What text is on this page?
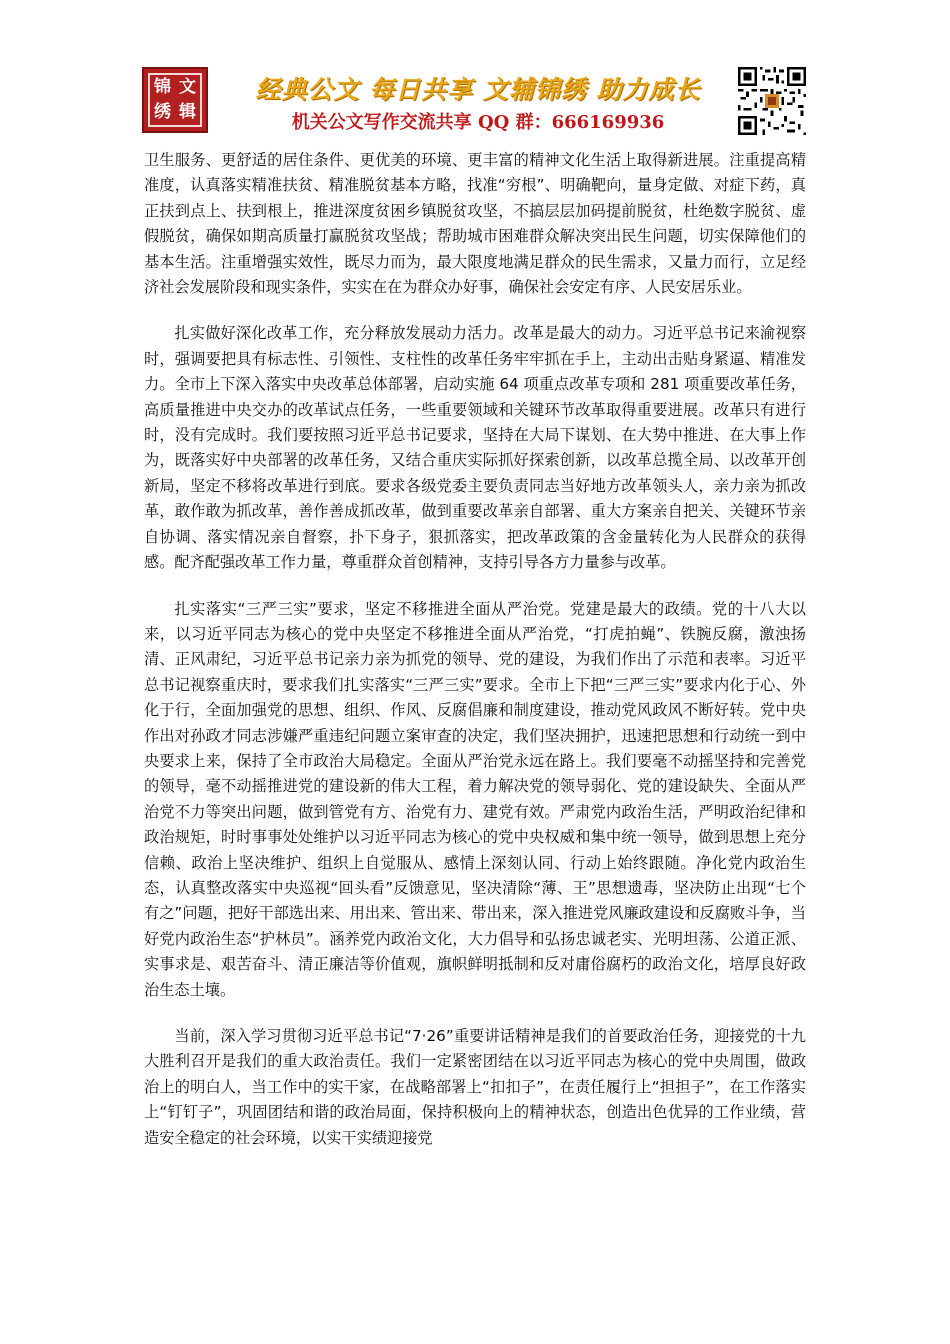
锦 文
绣 辑
经典公文 每日共享 文辅锦绣 助力成长
机关公文写作交流共享 QQ 群：666169936

卫生服务、更舒适的居住条件、更优美的环境、更丰富的精神文化生活上取得新进展。注重提高精准度，认真落实精准扶贫、精准脱贫基本方略，找准“穷根”、明确靶向，量身定做、对症下药，真正扶到点上、扶到根上，推进深度贫困乡镇脱贫攻坚，不搞层层加码提前脱贫，杜绝数字脱贫、虚假脱贫，确保如期高质量打赢脱贫攻坚战；帮助城市困难群众解决突出民生问题，切实保障他们的基本生活。注重增强实效性，既尽力而为，最大限度地满足群众的民生需求，又量力而行，立足经济社会发展阶段和现实条件，实实在在为群众办好事，确保社会安定有序、人民安居乐业。

扎实做好深化改革工作，充分释放发展动力活力。改革是最大的动力。习近平总书记来渝视察时，强调要把具有标志性、引领性、支柱性的改革任务牢牢抓在手上，主动出击贴身紧逼、精准发力。全市上下深入落实中央改革总体部署，启动实施 64 项重点改革专项和 281 项重要改革任务，高质量推进中央交办的改革试点任务，一些重要领域和关键环节改革取得重要进展。改革只有进行时，没有完成时。我们要按照习近平总书记要求，坚持在大局下谋划、在大势中推进、在大事上作为，既落实好中央部署的改革任务，又结合重庆实际抓好探索创新，以改革总揽全局、以改革开创新局，坚定不移将改革进行到底。要求各级党委主要负责同志当好地方改革领头人，亲力亲为抓改革，敢作敢为抓改革，善作善成抓改革，做到重要改革亲自部署、重大方案亲自把关、关键环节亲自协调、落实情况亲自督察，扑下身子，狠抓落实，把改革政策的含金量转化为人民群众的获得感。配齐配强改革工作力量，尊重群众首创精神，支持引导各方力量参与改革。

扎实落实“三严三实”要求，坚定不移推进全面从严治党。党建是最大的政绩。党的十八大以来，以习近平同志为核心的党中央坚定不移推进全面从严治党，“打虎拍蝇”、铁腕反腐，激浊扬清、正风肃纪，习近平总书记亲力亲为抓党的领导、党的建设，为我们作出了示范和表率。习近平总书记视察重庆时，要求我们扎实落实“三严三实”要求。全市上下把“三严三实”要求内化于心、外化于行，全面加强党的思想、组织、作风、反腐倡廉和制度建设，推动党风政风不断好转。党中央作出对孙政才同志涉嫌严重违纪问题立案审查的决定，我们坚决拥护，迅速把思想和行动统一到中央要求上来，保持了全市政治大局稳定。全面从严治党永远在路上。我们要毫不动摇坚持和完善党的领导，毫不动摇推进党的建设新的伟大工程，着力解决党的领导弱化、党的建设缺失、全面从严治党不力等突出问题，做到管党有方、治党有力、建党有效。严肃党内政治生活，严明政治纪律和政治规矩，时时事事处处维护以习近平同志为核心的党中央权威和集中统一领导，做到思想上充分信赖、政治上坚决维护、组织上自觉服从、感情上深刻认同、行动上始终跟随。净化党内政治生态，认真整改落实中央巡视“回头看”反馈意见，坚决清除“薄、王”思想遗毒，坚决防止出现“七个有之”问题，把好干部选出来、用出来、管出来、带出来，深入推进党风廉政建设和反腐败斗争，当好党内政治生态“护林员”。涵养党内政治文化，大力倡导和弘扬忠诚老实、光明坦荡、公道正派、实事求是、艰苦奋斗、清正廉洁等价值观，旗帜鲜明抵制和反对庸俗腐朽的政治文化，培厚良好政治生态土壤。

当前，深入学习贯彻习近平总书记“7·26”重要讲话精神是我们的首要政治任务，迎接党的十九大胜利召开是我们的重大政治责任。我们一定紧密团结在以习近平同志为核心的党中央周围，做政治上的明白人，当工作中的实干家，在战略部署上“扣扣子”，在责任履行上“担担子”，在工作落实上“钉钉子”，巩固团结和谐的政治局面，保持积极向上的精神状态，创造出色优异的工作业绩，营造安全稳定的社会环境，以实干实绩迎接党
